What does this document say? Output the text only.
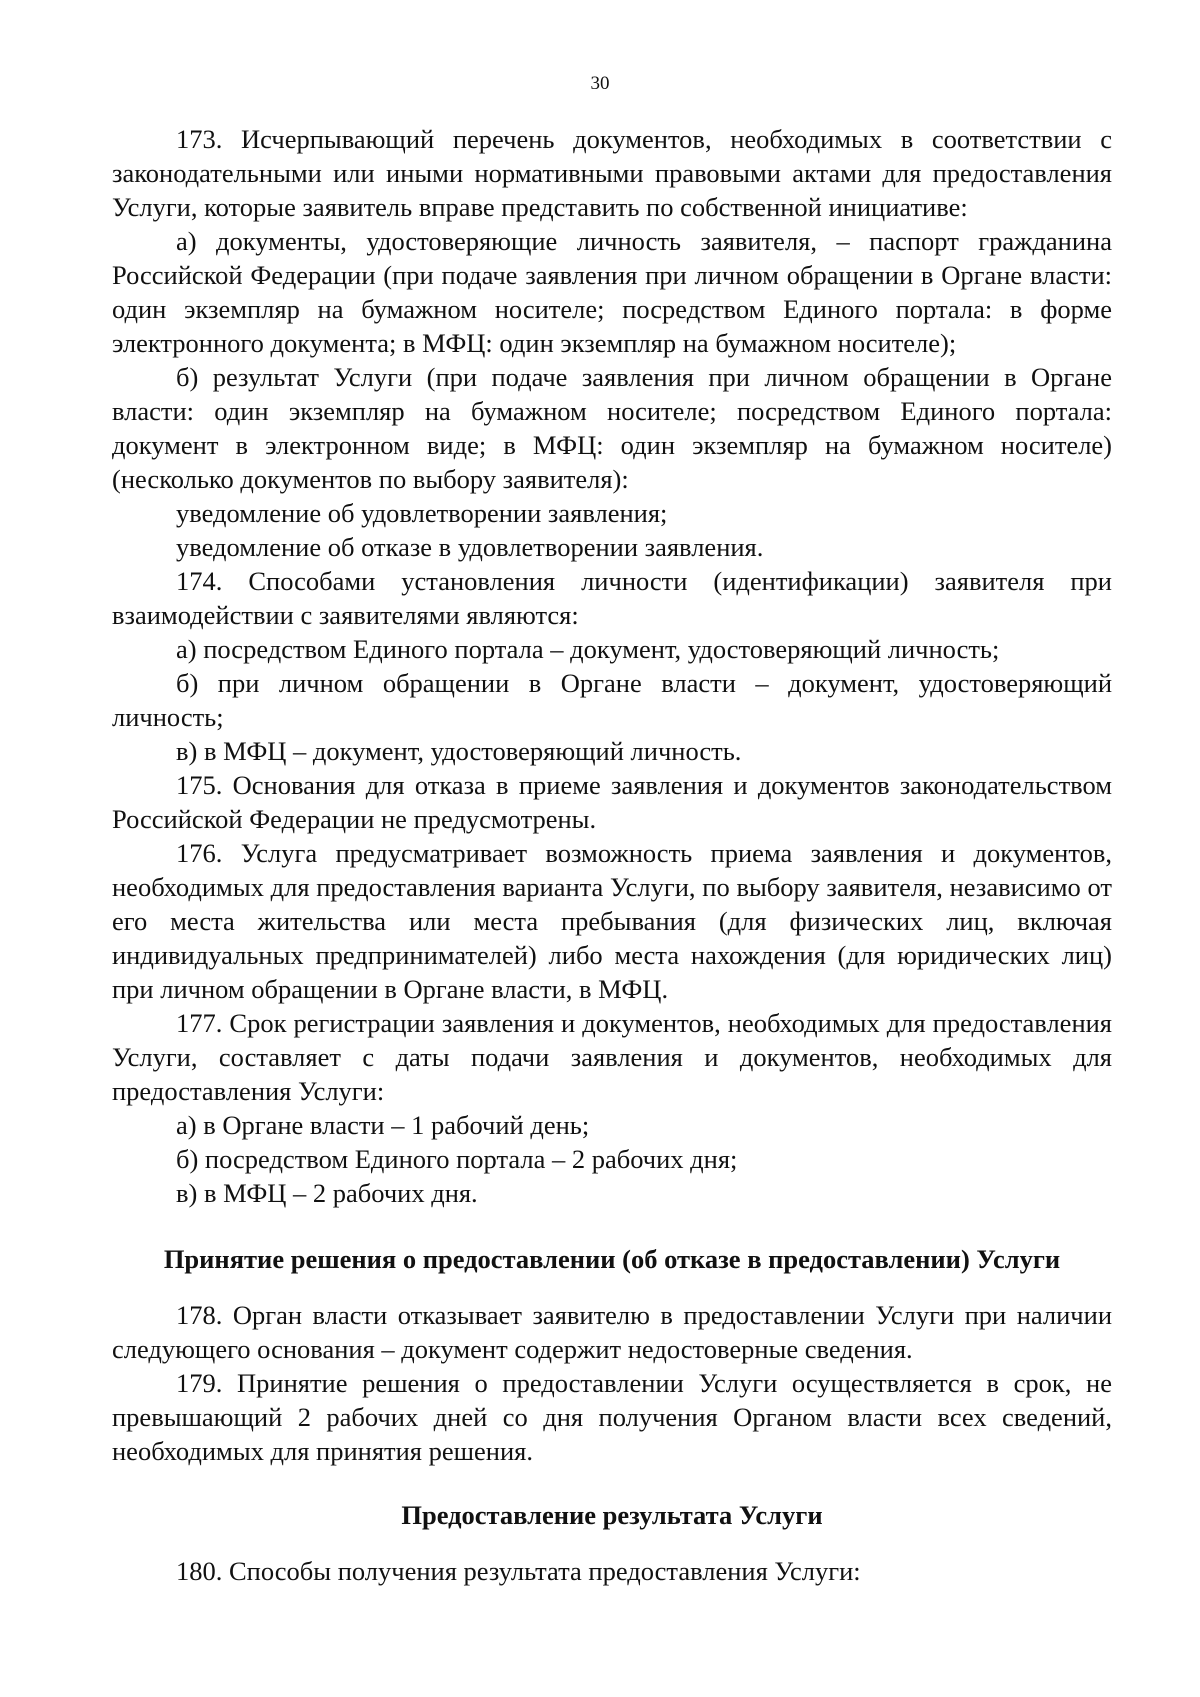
30

173. Исчерпывающий перечень документов, необходимых в соответствии с законодательными или иными нормативными правовыми актами для предоставления Услуги, которые заявитель вправе представить по собственной инициативе:

а) документы, удостоверяющие личность заявителя, – паспорт гражданина Российской Федерации (при подаче заявления при личном обращении в Органе власти: один экземпляр на бумажном носителе; посредством Единого портала: в форме электронного документа; в МФЦ: один экземпляр на бумажном носителе);

б) результат Услуги (при подаче заявления при личном обращении в Органе власти: один экземпляр на бумажном носителе; посредством Единого портала: документ в электронном виде; в МФЦ: один экземпляр на бумажном носителе) (несколько документов по выбору заявителя):

уведомление об удовлетворении заявления;

уведомление об отказе в удовлетворении заявления.

174. Способами установления личности (идентификации) заявителя при взаимодействии с заявителями являются:

а) посредством Единого портала – документ, удостоверяющий личность;

б) при личном обращении в Органе власти – документ, удостоверяющий личность;

в) в МФЦ – документ, удостоверяющий личность.

175. Основания для отказа в приеме заявления и документов законодательством Российской Федерации не предусмотрены.

176. Услуга предусматривает возможность приема заявления и документов, необходимых для предоставления варианта Услуги, по выбору заявителя, независимо от его места жительства или места пребывания (для физических лиц, включая индивидуальных предпринимателей) либо места нахождения (для юридических лиц) при личном обращении в Органе власти, в МФЦ.

177. Срок регистрации заявления и документов, необходимых для предоставления Услуги, составляет с даты подачи заявления и документов, необходимых для предоставления Услуги:

а) в Органе власти – 1 рабочий день;

б) посредством Единого портала – 2 рабочих дня;

в) в МФЦ – 2 рабочих дня.

Принятие решения о предоставлении (об отказе в предоставлении) Услуги

178. Орган власти отказывает заявителю в предоставлении Услуги при наличии следующего основания – документ содержит недостоверные сведения.

179. Принятие решения о предоставлении Услуги осуществляется в срок, не превышающий 2 рабочих дней со дня получения Органом власти всех сведений, необходимых для принятия решения.

Предоставление результата Услуги

180. Способы получения результата предоставления Услуги:
